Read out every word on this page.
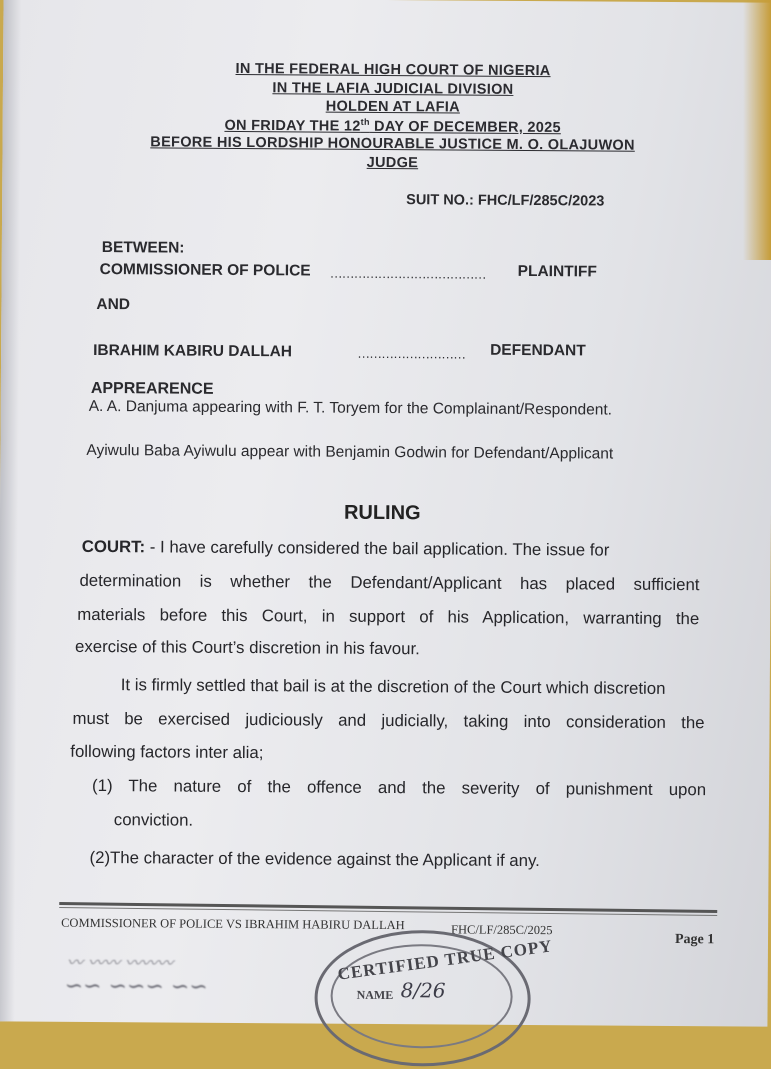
IN THE FEDERAL HIGH COURT OF NIGERIA
IN THE LAFIA JUDICIAL DIVISION
HOLDEN AT LAFIA
ON FRIDAY THE 12th DAY OF DECEMBER, 2025
BEFORE HIS LORDSHIP HONOURABLE JUSTICE M. O. OLAJUWON
JUDGE
SUIT NO.: FHC/LF/285C/2023
BETWEEN:
COMMISSIONER OF POLICE ………………………………… PLAINTIFF
AND
IBRAHIM KABIRU DALLAH	……………………… DEFENDANT
APPREARENCE
A. A. Danjuma appearing with F. T. Toryem for the Complainant/Respondent.
Ayiwulu Baba Ayiwulu appear with Benjamin Godwin for Defendant/Applicant
RULING
COURT: - I have carefully considered the bail application. The issue for
determination is whether the Defendant/Applicant has placed sufficient
materials before this Court, in support of his Application, warranting the
exercise of this Court’s discretion in his favour.
It is firmly settled that bail is at the discretion of the Court which discretion
must be exercised judiciously and judicially, taking into consideration the
following factors inter alia;
(1) The nature of the offence and the severity of punishment upon
conviction.
(2)The character of the evidence against the Applicant if any.
COMMISSIONER OF POLICE VS IBRAHIM HABIRU DALLAH	FHC/LF/285C/2025
Page 1
〰 〰〰 〰〰〰
∽∽ ∽∽∽ ∽∽
CERTIFIED TRUE COPY
NAME 8/26
